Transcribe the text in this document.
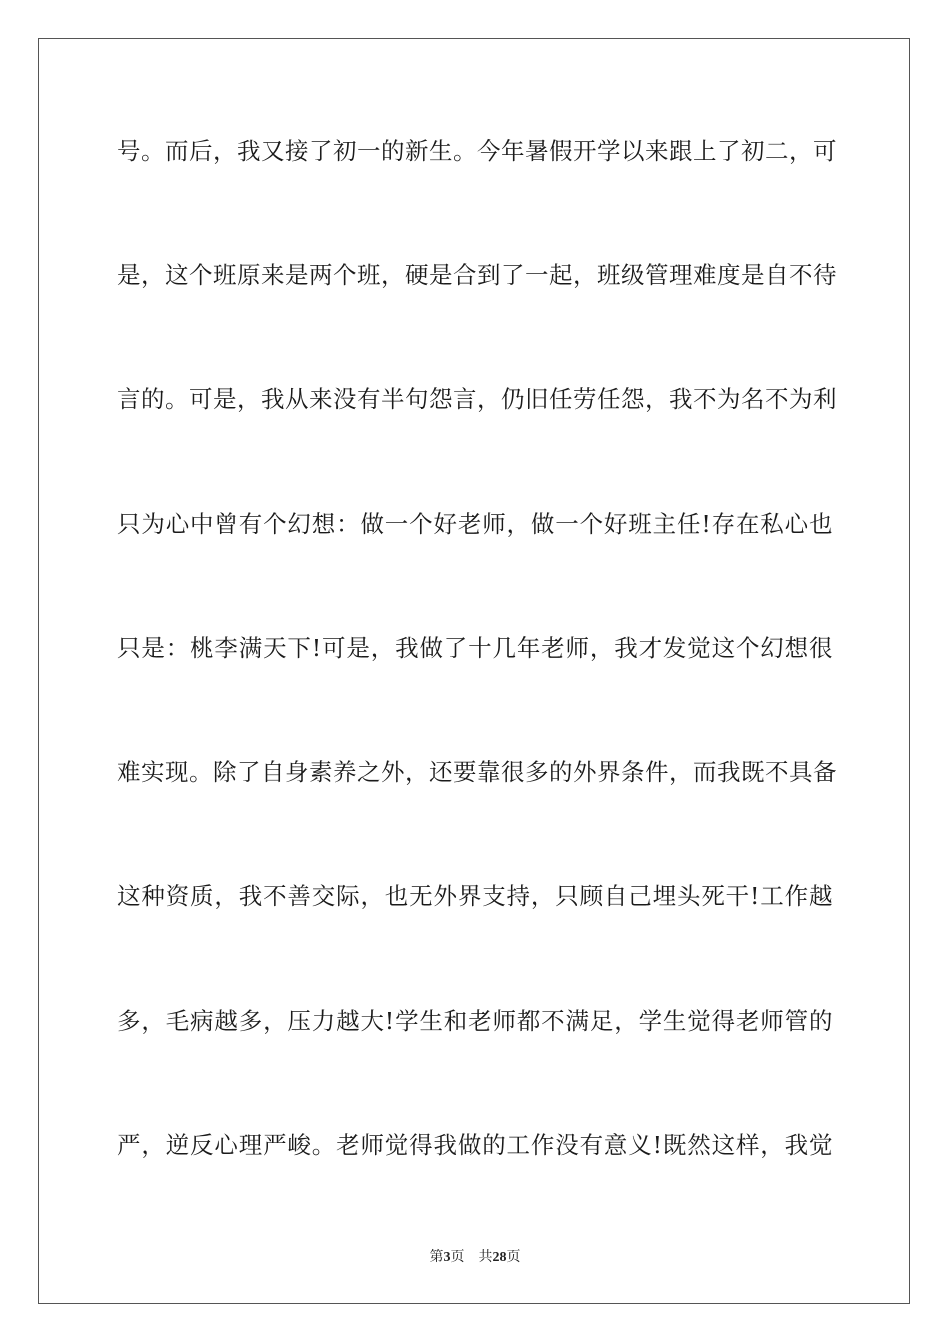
号。而后，我又接了初一的新生。今年暑假开学以来跟上了初二，可
是，这个班原来是两个班，硬是合到了一起，班级管理难度是自不待
言的。可是，我从来没有半句怨言，仍旧任劳任怨，我不为名不为利
只为心中曾有个幻想：做一个好老师，做一个好班主任!存在私心也
只是：桃李满天下!可是，我做了十几年老师，我才发觉这个幻想很
难实现。除了自身素养之外，还要靠很多的外界条件，而我既不具备
这种资质，我不善交际，也无外界支持，只顾自己埋头死干!工作越
多，毛病越多，压力越大!学生和老师都不满足，学生觉得老师管的
严，逆反心理严峻。老师觉得我做的工作没有意义!既然这样，我觉
第3页 共28页
